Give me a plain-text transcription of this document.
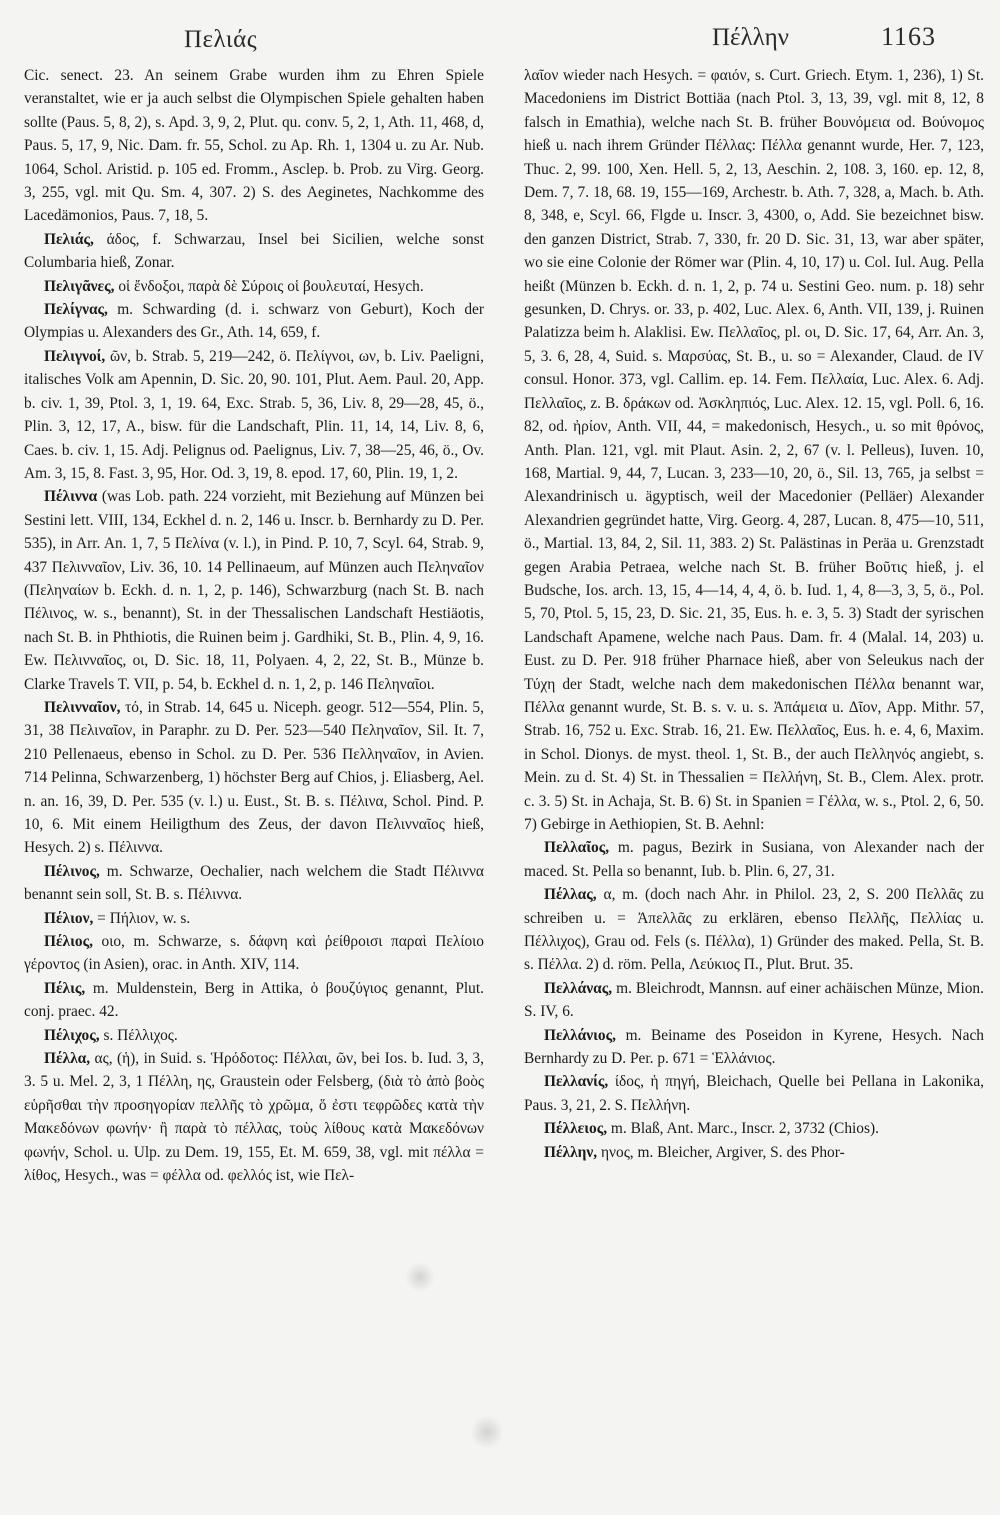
Πελιάς	Πέλλην	1163

Cic. senect. 23. An seinem Grabe wurden ihm zu Ehren Spiele veranstaltet, wie er ja auch selbst die Olympischen Spiele gehalten haben sollte (Paus. 5, 8, 2), s. Apd. 3, 9, 2, Plut. qu. conv. 5, 2, 1, Ath. 11, 468, d, Paus. 5, 17, 9, Nic. Dam. fr. 55, Schol. zu Ap. Rh. 1, 1304 u. zu Ar. Nub. 1064, Schol. Aristid. p. 105 ed. Fromm., Asclep. b. Prob. zu Virg. Georg. 3, 255, vgl. mit Qu. Sm. 4, 307. 2) S. des Aeginetes, Nachkomme des Lacedämonios, Paus. 7, 18, 5.

Πελιάς, άδος, f. Schwarzau, Insel bei Sicilien, welche sonst Columbaria hieß, Zonar.

Πελιγᾶνες, οἱ ἔνδοξοι, παρὰ δὲ Σύροις οἱ βουλευταί, Hesych.

Πελίγνας, m. Schwarding (d. i. schwarz von Geburt), Koch der Olympias u. Alexanders des Gr., Ath. 14, 659, f.

Πελιγνοί, ῶν, b. Strab. 5, 219—242, ö. Πελίγνοι, ων, b. Liv. Paeligni, italisches Volk am Apennin, D. Sic. 20, 90. 101, Plut. Aem. Paul. 20, App. b. civ. 1, 39, Ptol. 3, 1, 19. 64, Exc. Strab. 5, 36, Liv. 8, 29—28, 45, ö., Plin. 3, 12, 17, A., bisw. für die Landschaft, Plin. 11, 14, 14, Liv. 8, 6, Caes. b. civ. 1, 15. Adj. Pelignus od. Paelignus, Liv. 7, 38—25, 46, ö., Ov. Am. 3, 15, 8. Fast. 3, 95, Hor. Od. 3, 19, 8. epod. 17, 60, Plin. 19, 1, 2.

Πέλιννα (was Lob. path. 224 vorzieht, mit Beziehung auf Münzen bei Sestini lett. VIII, 134, Eckhel d. n. 2, 146 u. Inscr. b. Bernhardy zu D. Per. 535), in Arr. An. 1, 7, 5 Πελίνα (v. l.), in Pind. P. 10, 7, Scyl. 64, Strab. 9, 437 Πελινναῖον, Liv. 36, 10. 14 Pellinaeum, auf Münzen auch Πεληναῖον (Πεληναίων b. Eckh. d. n. 1, 2, p. 146), Schwarzburg (nach St. B. nach Πέλινος, w. s., benannt), St. in der Thessalischen Landschaft Hestiäotis, nach St. B. in Phthiotis, die Ruinen beim j. Gardhiki, St. B., Plin. 4, 9, 16. Ew. Πελινναῖος, οι, D. Sic. 18, 11, Polyaen. 4, 2, 22, St. B., Münze b. Clarke Travels T. VII, p. 54, b. Eckhel d. n. 1, 2, p. 146 Πεληναῖοι.

Πελινναῖον, τό, in Strab. 14, 645 u. Niceph. geogr. 512—554, Plin. 5, 31, 38 Πελιναῖον, in Paraphr. zu D. Per. 523—540 Πεληναῖον, Sil. It. 7, 210 Pellenaeus, ebenso in Schol. zu D. Per. 536 Πελληναῖον, in Avien. 714 Pelinna, Schwarzenberg, 1) höchster Berg auf Chios, j. Eliasberg, Ael. n. an. 16, 39, D. Per. 535 (v. l.) u. Eust., St. B. s. Πέλινα, Schol. Pind. P. 10, 6. Mit einem Heiligthum des Zeus, der davon Πελινναῖος hieß, Hesych. 2) s. Πέλιννα.

Πέλινος, m. Schwarze, Oechalier, nach welchem die Stadt Πέλιννα benannt sein soll, St. B. s. Πέλιννα.

Πέλιον, = Πήλιον, w. s.

Πέλιος, οιο, m. Schwarze, s. δάφνη καὶ ῥείθροισι παραὶ Πελίοιο γέροντος (in Asien), orac. in Anth. XIV, 114.

Πέλις, m. Muldenstein, Berg in Attika, ὁ βουζύγιος genannt, Plut. conj. praec. 42.

Πέλιχος, s. Πέλλιχος.

Πέλλα, ας, (ἡ), in Suid. s. Ἡρόδοτος: Πέλλαι, ῶν, bei Ios. b. Iud. 3, 3, 3. 5 u. Mel. 2, 3, 1 Πέλλη, ης, Graustein oder Felsberg, (διὰ τὸ ἀπὸ βοὸς εὑρῆσθαι τὴν προσηγορίαν πελλῆς τὸ χρῶμα, ὅ ἐστι τεφρῶδες κατὰ τὴν Μακεδόνων φωνήν· ἢ παρὰ τὸ πέλλας, τοὺς λίθους κατὰ Μακεδόνων φωνήν, Schol. u. Ulp. zu Dem. 19, 155, Et. M. 659, 38, vgl. mit πέλλα = λίθος, Hesych., was = φέλλα od. φελλός ist, wie Πελ-

λαῖον wieder nach Hesych. = φαιόν, s. Curt. Griech. Etym. 1, 236), 1) St. Macedoniens im District Bottiäa (nach Ptol. 3, 13, 39, vgl. mit 8, 12, 8 falsch in Emathia), welche nach St. B. früher Βουνόμεια od. Βούνομος hieß u. nach ihrem Gründer Πέλλας: Πέλλα genannt wurde, Her. 7, 123, Thuc. 2, 99. 100, Xen. Hell. 5, 2, 13, Aeschin. 2, 108. 3, 160. ep. 12, 8, Dem. 7, 7. 18, 68. 19, 155—169, Archestr. b. Ath. 7, 328, a, Mach. b. Ath. 8, 348, e, Scyl. 66, Flgde u. Inscr. 3, 4300, o, Add. Sie bezeichnet bisw. den ganzen District, Strab. 7, 330, fr. 20 D. Sic. 31, 13, war aber später, wo sie eine Colonie der Römer war (Plin. 4, 10, 17) u. Col. Iul. Aug. Pella heißt (Münzen b. Eckh. d. n. 1, 2, p. 74 u. Sestini Geo. num. p. 18) sehr gesunken, D. Chrys. or. 33, p. 402, Luc. Alex. 6, Anth. VII, 139, j. Ruinen Palatizza beim h. Alaklisi. Ew. Πελλαῖος, pl. οι, D. Sic. 17, 64, Arr. An. 3, 5, 3. 6, 28, 4, Suid. s. Μαρσύας, St. B., u. so = Alexander, Claud. de IV consul. Honor. 373, vgl. Callim. ep. 14. Fem. Πελλαία, Luc. Alex. 6. Adj. Πελλαῖος, z. B. δράκων od. Ἀσκληπιός, Luc. Alex. 12. 15, vgl. Poll. 6, 16. 82, od. ἠρίον, Anth. VII, 44, = makedonisch, Hesych., u. so mit θρόνος, Anth. Plan. 121, vgl. mit Plaut. Asin. 2, 2, 67 (v. l. Pelleus), Iuven. 10, 168, Martial. 9, 44, 7, Lucan. 3, 233—10, 20, ö., Sil. 13, 765, ja selbst = Alexandrinisch u. ägyptisch, weil der Macedonier (Pelläer) Alexander Alexandrien gegründet hatte, Virg. Georg. 4, 287, Lucan. 8, 475—10, 511, ö., Martial. 13, 84, 2, Sil. 11, 383. 2) St. Palästinas in Peräa u. Grenzstadt gegen Arabia Petraea, welche nach St. B. früher Βοῦτις hieß, j. el Budsche, Ios. arch. 13, 15, 4—14, 4, 4, ö. b. Iud. 1, 4, 8—3, 3, 5, ö., Pol. 5, 70, Ptol. 5, 15, 23, D. Sic. 21, 35, Eus. h. e. 3, 5. 3) Stadt der syrischen Landschaft Apamene, welche nach Paus. Dam. fr. 4 (Malal. 14, 203) u. Eust. zu D. Per. 918 früher Pharnace hieß, aber von Seleukus nach der Τύχη der Stadt, welche nach dem makedonischen Πέλλα benannt war, Πέλλα genannt wurde, St. B. s. v. u. s. Ἀπάμεια u. Δῖον, App. Mithr. 57, Strab. 16, 752 u. Exc. Strab. 16, 21. Ew. Πελλαῖος, Eus. h. e. 4, 6, Maxim. in Schol. Dionys. de myst. theol. 1, St. B., der auch Πελληνός angiebt, s. Mein. zu d. St. 4) St. in Thessalien = Πελλήνη, St. B., Clem. Alex. protr. c. 3. 5) St. in Achaja, St. B. 6) St. in Spanien = Γέλλα, w. s., Ptol. 2, 6, 50. 7) Gebirge in Aethiopien, St. B. Aehnl:

Πελλαῖος, m. pagus, Bezirk in Susiana, von Alexander nach der maced. St. Pella so benannt, Iub. b. Plin. 6, 27, 31.

Πέλλας, α, m. (doch nach Ahr. in Philol. 23, 2, S. 200 Πελλᾶς zu schreiben u. = Ἀπελλᾶς zu erklären, ebenso Πελλῆς, Πελλίας u. Πέλλιχος), Grau od. Fels (s. Πέλλα), 1) Gründer des maked. Pella, St. B. s. Πέλλα. 2) d. röm. Pella, Λεύκιος Π., Plut. Brut. 35.

Πελλάνας, m. Bleichrodt, Mannsn. auf einer achäischen Münze, Mion. S. IV, 6.

Πελλάνιος, m. Beiname des Poseidon in Kyrene, Hesych. Nach Bernhardy zu D. Per. p. 671 = Ἑλλάνιος.

Πελλανίς, ίδος, ἡ πηγή, Bleichach, Quelle bei Pellana in Lakonika, Paus. 3, 21, 2. S. Πελλήνη.

Πέλλειος, m. Blaß, Ant. Marc., Inscr. 2, 3732 (Chios).

Πέλλην, ηνος, m. Bleicher, Argiver, S. des Phor-
